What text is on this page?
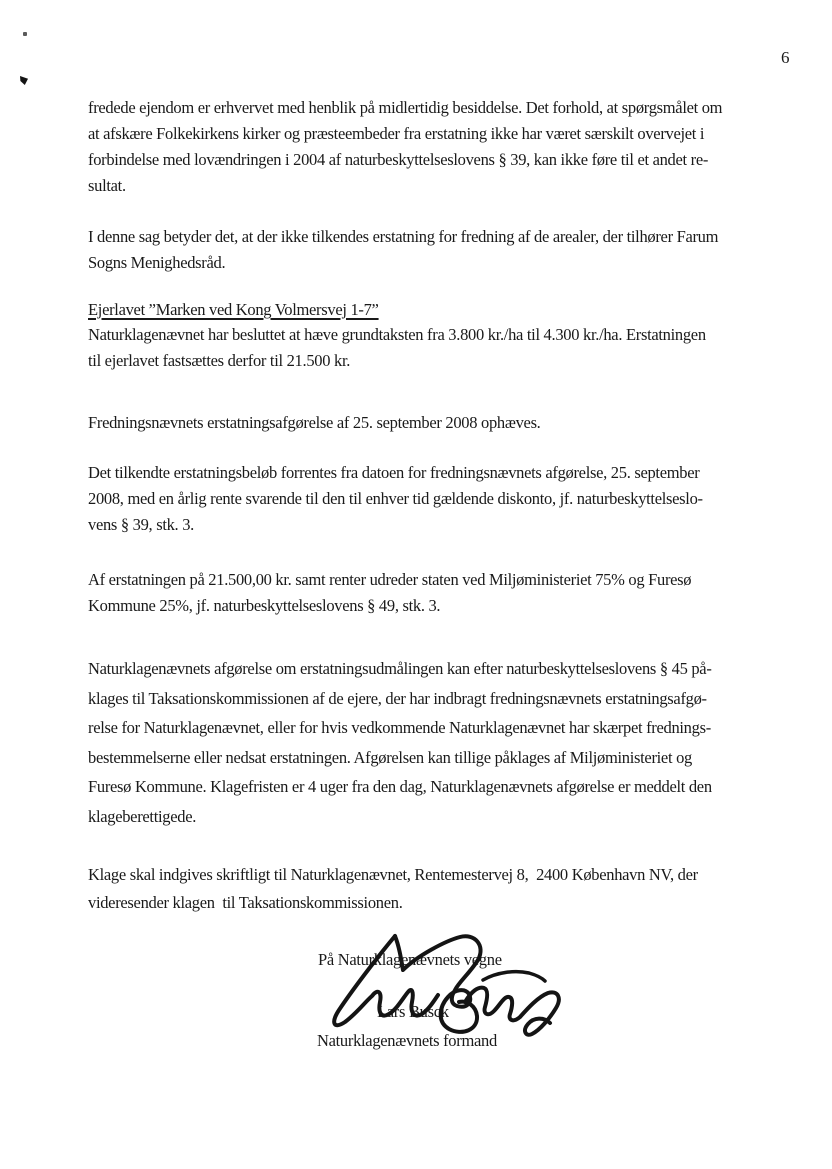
6
fredede ejendom er erhvervet med henblik på midlertidig besiddelse. Det forhold, at spørgsmålet om
at afskære Folkekirkens kirker og præsteembeder fra erstatning ikke har været særskilt overvejet i
forbindelse med lovændringen i 2004 af naturbeskyttelseslovens § 39, kan ikke føre til et andet re-
sultat.
I denne sag betyder det, at der ikke tilkendes erstatning for fredning af de arealer, der tilhører Farum
Sogns Menighedsråd.
Ejerlavet ”Marken ved Kong Volmersvej 1-7”
Naturklagenævnet har besluttet at hæve grundtaksten fra 3.800 kr./ha til 4.300 kr./ha. Erstatningen
til ejerlavet fastsættes derfor til 21.500 kr.
Fredningsnævnets erstatningsafgørelse af 25. september 2008 ophæves.
Det tilkendte erstatningsbeløb forrentes fra datoen for fredningsnævnets afgørelse, 25. september
2008, med en årlig rente svarende til den til enhver tid gældende diskonto, jf. naturbeskyttelseslo-
vens § 39, stk. 3.
Af erstatningen på 21.500,00 kr. samt renter udreder staten ved Miljøministeriet 75% og Furesø
Kommune 25%, jf. naturbeskyttelseslovens § 49, stk. 3.
Naturklagenævnets afgørelse om erstatningsudmålingen kan efter naturbeskyttelseslovens § 45 på-
klages til Taksationskommissionen af de ejere, der har indbragt fredningsnævnets erstatningsafgø-
relse for Naturklagenævnet, eller for hvis vedkommende Naturklagenævnet har skærpet frednings-
bestemmelserne eller nedsat erstatningen. Afgørelsen kan tillige påklages af Miljøministeriet og
Furesø Kommune. Klagefristen er 4 uger fra den dag, Naturklagenævnets afgørelse er meddelt den
klageberettigede.
Klage skal indgives skriftligt til Naturklagenævnet, Rentemestervej 8,  2400 København NV, der
videresender klagen  til Taksationskommissionen.
På Naturklagenævnets vegne
Lars Busck
Naturklagenævnets formand
